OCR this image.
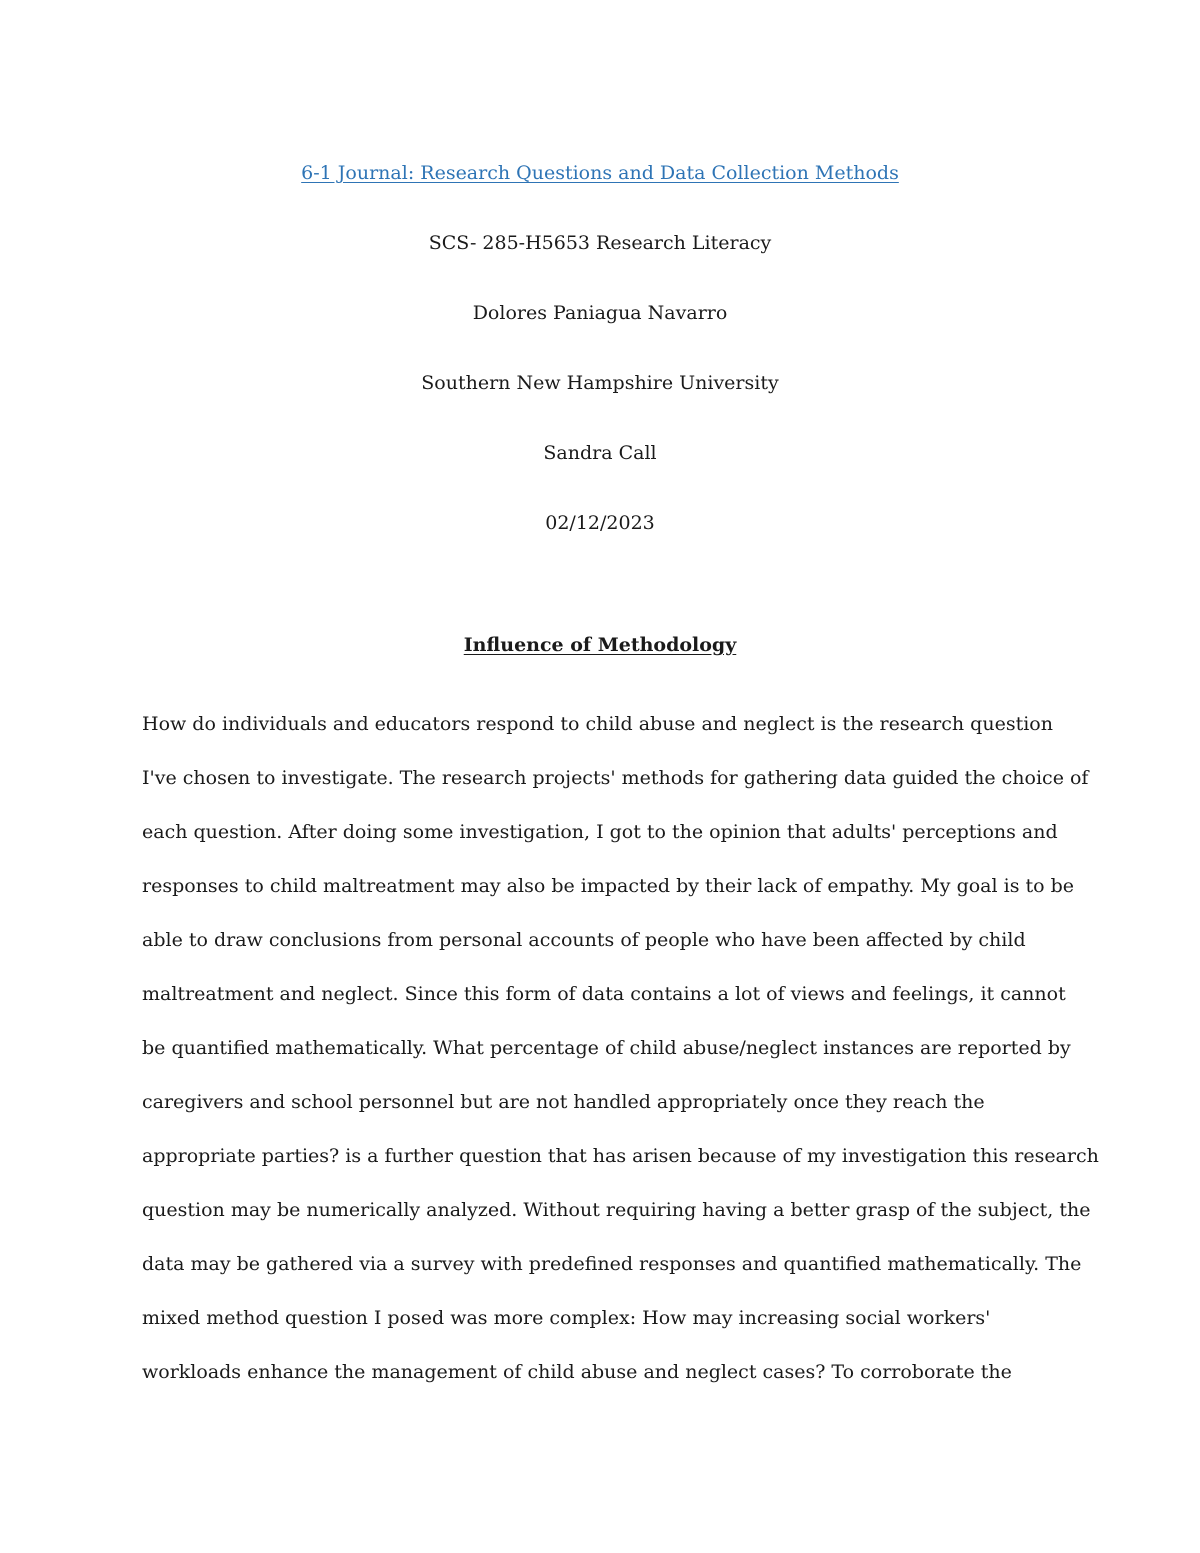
6-1 Journal: Research Questions and Data Collection Methods

SCS- 285-H5653 Research Literacy

Dolores Paniagua Navarro

Southern New Hampshire University

Sandra Call

02/12/2023

Influence of Methodology

How do individuals and educators respond to child abuse and neglect is the research question

I've chosen to investigate. The research projects' methods for gathering data guided the choice of

each question. After doing some investigation, I got to the opinion that adults' perceptions and

responses to child maltreatment may also be impacted by their lack of empathy. My goal is to be

able to draw conclusions from personal accounts of people who have been affected by child

maltreatment and neglect. Since this form of data contains a lot of views and feelings, it cannot

be quantified mathematically. What percentage of child abuse/neglect instances are reported by

caregivers and school personnel but are not handled appropriately once they reach the

appropriate parties? is a further question that has arisen because of my investigation this research

question may be numerically analyzed. Without requiring having a better grasp of the subject, the

data may be gathered via a survey with predefined responses and quantified mathematically. The

mixed method question I posed was more complex: How may increasing social workers'

workloads enhance the management of child abuse and neglect cases? To corroborate the
